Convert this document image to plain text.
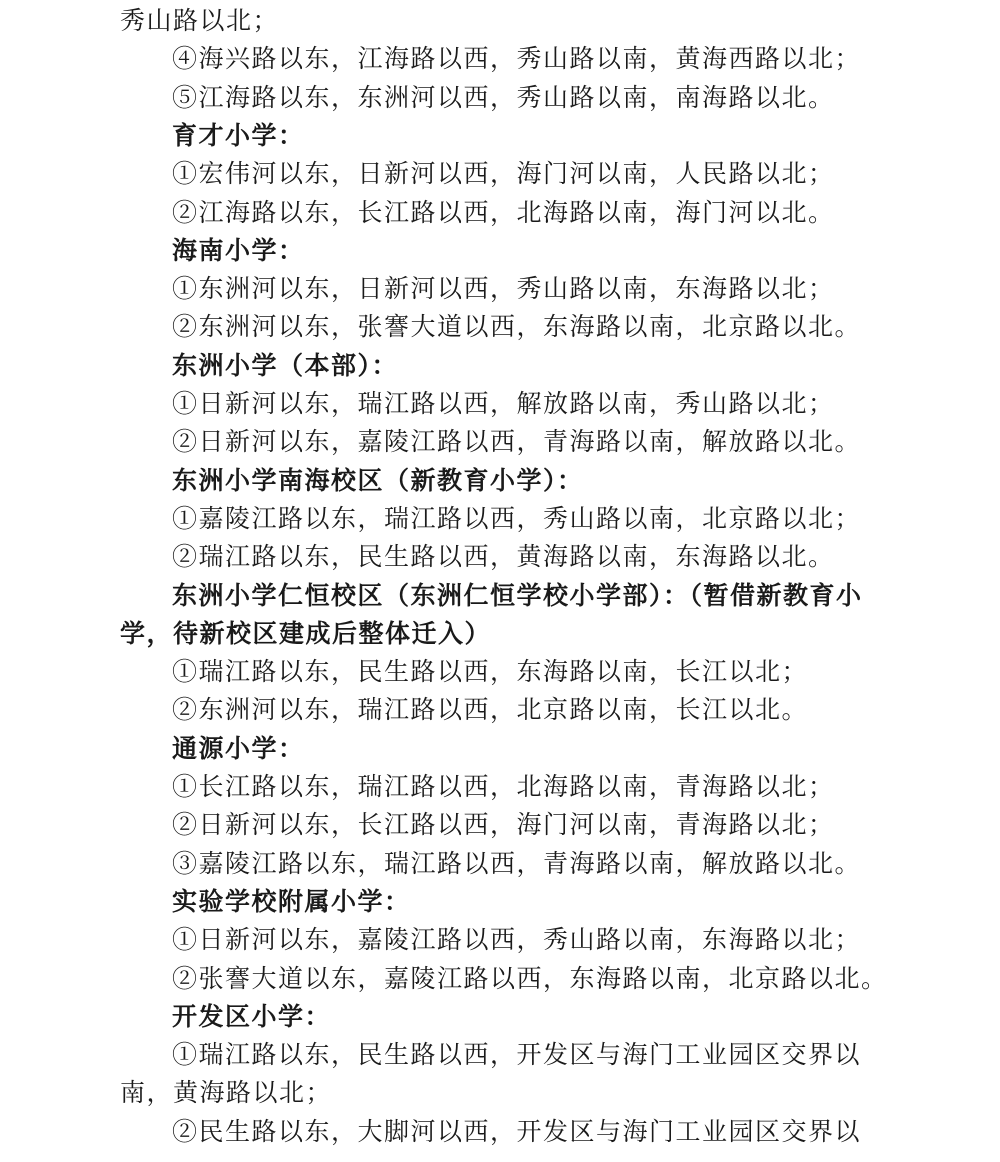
秀山路以北；

④海兴路以东，江海路以西，秀山路以南，黄海西路以北；

⑤江海路以东，东洲河以西，秀山路以南，南海路以北。

育才小学：

①宏伟河以东，日新河以西，海门河以南，人民路以北；

②江海路以东，长江路以西，北海路以南，海门河以北。

海南小学：

①东洲河以东，日新河以西，秀山路以南，东海路以北；

②东洲河以东，张謇大道以西，东海路以南，北京路以北。

东洲小学（本部）：

①日新河以东，瑞江路以西，解放路以南，秀山路以北；

②日新河以东，嘉陵江路以西，青海路以南，解放路以北。

东洲小学南海校区（新教育小学）：

①嘉陵江路以东，瑞江路以西，秀山路以南，北京路以北；

②瑞江路以东，民生路以西，黄海路以南，东海路以北。

东洲小学仁恒校区（东洲仁恒学校小学部）：（暂借新教育小

学，待新校区建成后整体迁入）

①瑞江路以东，民生路以西，东海路以南，长江以北；

②东洲河以东，瑞江路以西，北京路以南，长江以北。

通源小学：

①长江路以东，瑞江路以西，北海路以南，青海路以北；

②日新河以东，长江路以西，海门河以南，青海路以北；

③嘉陵江路以东，瑞江路以西，青海路以南，解放路以北。

实验学校附属小学：

①日新河以东，嘉陵江路以西，秀山路以南，东海路以北；

②张謇大道以东，嘉陵江路以西，东海路以南，北京路以北。

开发区小学：

①瑞江路以东，民生路以西，开发区与海门工业园区交界以

南，黄海路以北；

②民生路以东，大脚河以西，开发区与海门工业园区交界以
